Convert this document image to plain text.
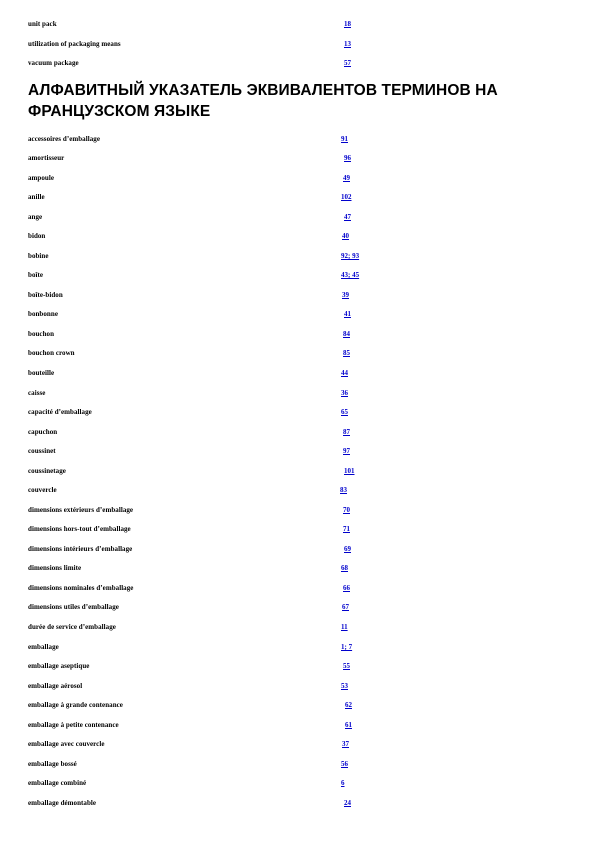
unit pack	18
utilization of packaging means	13
vacuum package	57
АЛФАВИТНЫЙ УКАЗАТЕЛЬ ЭКВИВАЛЕНТОВ ТЕРМИНОВ НА ФРАНЦУЗСКОМ ЯЗЫКЕ
accessoires d’emballage	91
amortisseur	96
ampoule	49
anille	102
ange	47
bidon	40
bobine	92; 93
boîte	43; 45
boîte-bidon	39
bonbonne	41
bouchon	84
bouchon crown	85
bouteille	44
caisse	36
capacité d’emballage	65
capuchon	87
coussinet	97
coussinetage	101
couvercle	83
dimensions extérieurs d’emballage	70
dimensions hors-tout d’emballage	71
dimensions intérieurs d’emballage	69
dimensions limite	68
dimensions nominales d’emballage	66
dimensions utiles d’emballage	67
durée de service d’emballage	11
emballage	1; 7
emballage aseptique	55
emballage aérosol	53
emballage à grande contenance	62
emballage à petite contenance	61
emballage avec couvercle	37
emballage bossé	56
emballage combiné	6
emballage démontable	24
